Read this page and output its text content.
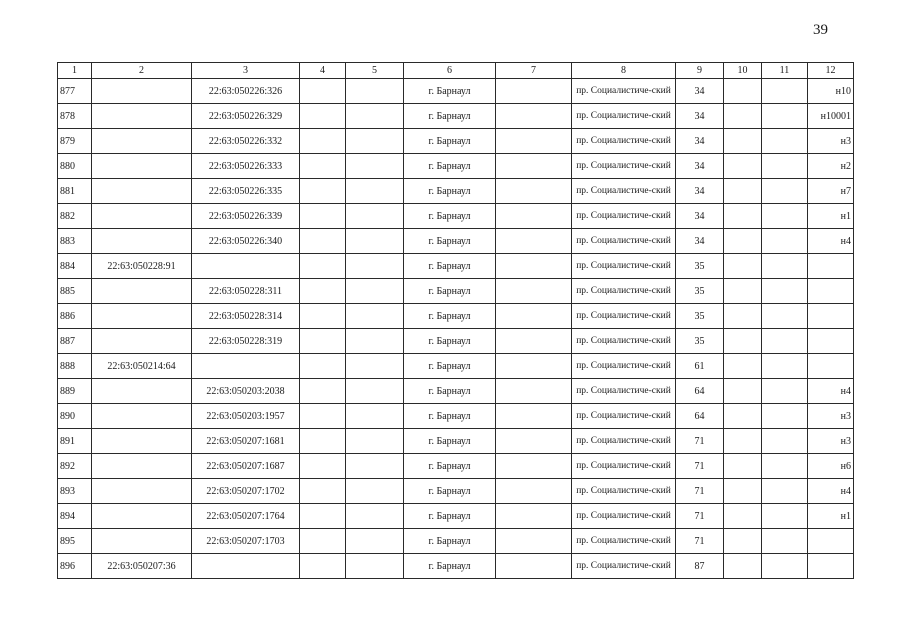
39
1	2	3	4	5	6	7	8	9	10	11	12
877		22:63:050226:326			г. Барнаул		пр. Социалистиче-ский	34			н10
878		22:63:050226:329			г. Барнаул		пр. Социалистиче-ский	34			н10001
879		22:63:050226:332			г. Барнаул		пр. Социалистиче-ский	34			н3
880		22:63:050226:333			г. Барнаул		пр. Социалистиче-ский	34			н2
881		22:63:050226:335			г. Барнаул		пр. Социалистиче-ский	34			н7
882		22:63:050226:339			г. Барнаул		пр. Социалистиче-ский	34			н1
883		22:63:050226:340			г. Барнаул		пр. Социалистиче-ский	34			н4
884	22:63:050228:91				г. Барнаул		пр. Социалистиче-ский	35			
885		22:63:050228:311			г. Барнаул		пр. Социалистиче-ский	35			
886		22:63:050228:314			г. Барнаул		пр. Социалистиче-ский	35			
887		22:63:050228:319			г. Барнаул		пр. Социалистиче-ский	35			
888	22:63:050214:64				г. Барнаул		пр. Социалистиче-ский	61			
889		22:63:050203:2038			г. Барнаул		пр. Социалистиче-ский	64			н4
890		22:63:050203:1957			г. Барнаул		пр. Социалистиче-ский	64			н3
891		22:63:050207:1681			г. Барнаул		пр. Социалистиче-ский	71			н3
892		22:63:050207:1687			г. Барнаул		пр. Социалистиче-ский	71			н6
893		22:63:050207:1702			г. Барнаул		пр. Социалистиче-ский	71			н4
894		22:63:050207:1764			г. Барнаул		пр. Социалистиче-ский	71			н1
895		22:63:050207:1703			г. Барнаул		пр. Социалистиче-ский	71			
896	22:63:050207:36				г. Барнаул		пр. Социалистиче-ский	87			
